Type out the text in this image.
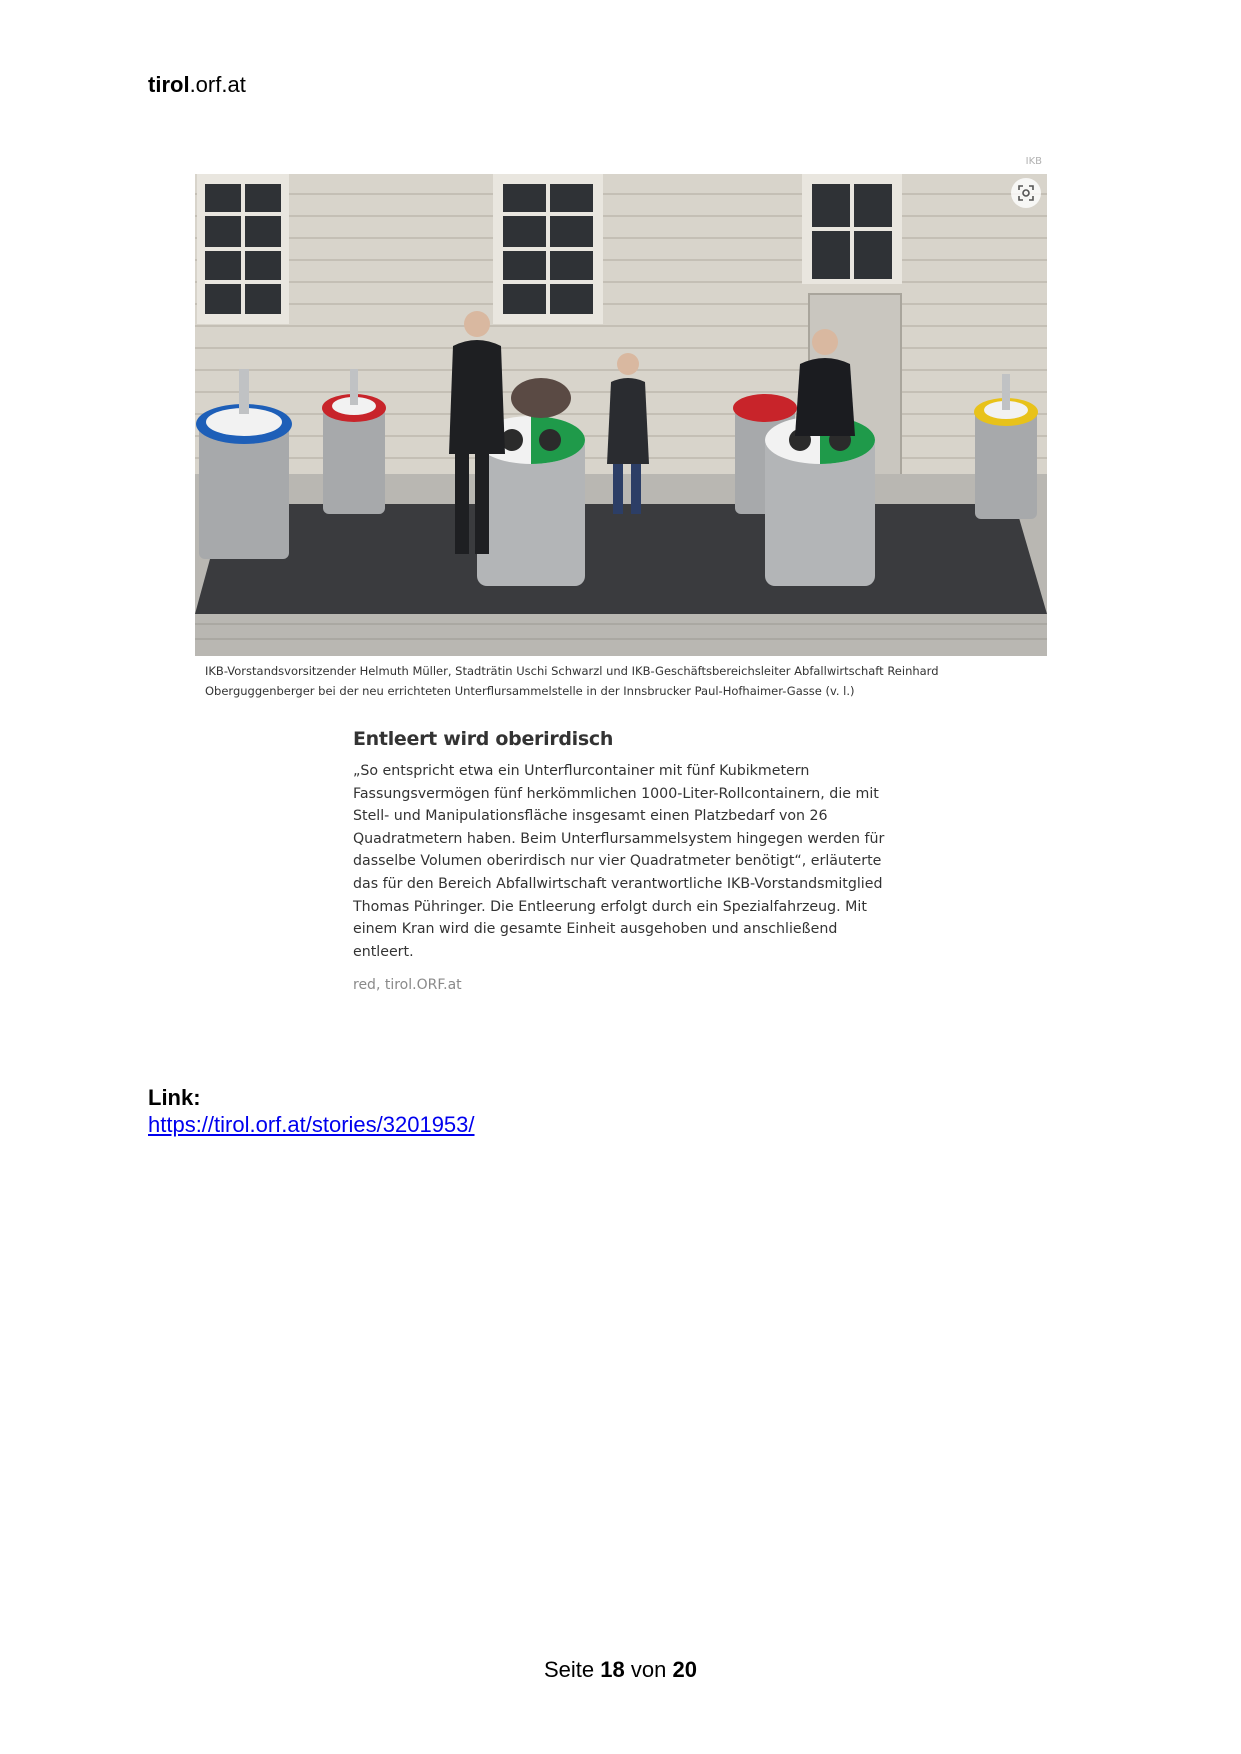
tirol.orf.at
IKB
IKB-Vorstandsvorsitzender Helmuth Müller, Stadträtin Uschi Schwarzl und IKB-Geschäftsbereichsleiter Abfallwirtschaft Reinhard Oberguggenberger bei der neu errichteten Unterflursammelstelle in der Innsbrucker Paul-Hofhaimer-Gasse (v. l.)
Entleert wird oberirdisch

„So entspricht etwa ein Unterflurcontainer mit fünf Kubikmetern Fassungsvermögen fünf herkömmlichen 1000-Liter-Rollcontainern, die mit Stell- und Manipulationsfläche insgesamt einen Platzbedarf von 26 Quadratmetern haben. Beim Unterflursammelsystem hingegen werden für dasselbe Volumen oberirdisch nur vier Quadratmeter benötigt“, erläuterte das für den Bereich Abfallwirtschaft verantwortliche IKB-Vorstandsmitglied Thomas Pühringer. Die Entleerung erfolgt durch ein Spezialfahrzeug. Mit einem Kran wird die gesamte Einheit ausgehoben und anschließend entleert.

red, tirol.ORF.at
Link:
https://tirol.orf.at/stories/3201953/
Seite 18 von 20
